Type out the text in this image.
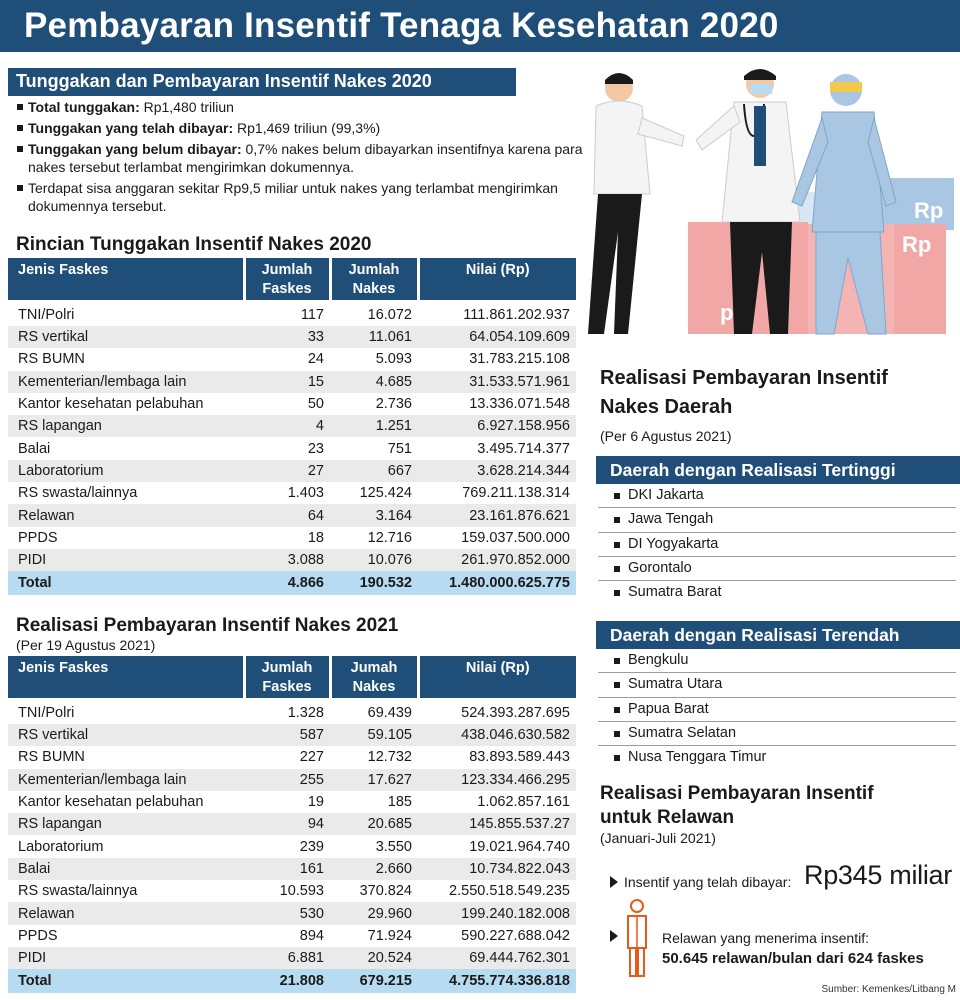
Pembayaran Insentif Tenaga Kesehatan 2020
Tunggakan dan Pembayaran Insentif Nakes 2020
Total tunggakan: Rp1,480 triliun
Tunggakan yang telah dibayar: Rp1,469 triliun (99,3%)
Tunggakan yang belum dibayar: 0,7% nakes belum dibayarkan insentifnya karena para nakes tersebut terlambat mengirimkan dokumennya.
Terdapat sisa anggaran sekitar Rp9,5 miliar untuk nakes yang terlambat mengirimkan dokumennya tersebut.
Rincian Tunggakan Insentif Nakes 2020
Jenis Faskes	Jumlah Faskes	Jumlah Nakes	Nilai (Rp)
TNI/Polri	117	16.072	111.861.202.937
RS vertikal	33	11.061	64.054.109.609
RS BUMN	24	5.093	31.783.215.108
Kementerian/lembaga lain	15	4.685	31.533.571.961
Kantor kesehatan pelabuhan	50	2.736	13.336.071.548
RS lapangan	4	1.251	6.927.158.956
Balai	23	751	3.495.714.377
Laboratorium	27	667	3.628.214.344
RS swasta/lainnya	1.403	125.424	769.211.138.314
Relawan	64	3.164	23.161.876.621
PPDS	18	12.716	159.037.500.000
PIDI	3.088	10.076	261.970.852.000
Total	4.866	190.532	1.480.000.625.775
Realisasi Pembayaran Insentif Nakes 2021
(Per 19 Agustus 2021)
Jenis Faskes	Jumlah Faskes	Jumah Nakes	Nilai (Rp)
TNI/Polri	1.328	69.439	524.393.287.695
RS vertikal	587	59.105	438.046.630.582
RS BUMN	227	12.732	83.893.589.443
Kementerian/lembaga lain	255	17.627	123.334.466.295
Kantor kesehatan pelabuhan	19	185	1.062.857.161
RS lapangan	94	20.685	145.855.537.27
Laboratorium	239	3.550	19.021.964.740
Balai	161	2.660	10.734.822.043
RS swasta/lainnya	10.593	370.824	2.550.518.549.235
Relawan	530	29.960	199.240.182.008
PPDS	894	71.924	590.227.688.042
PIDI	6.881	20.524	69.444.762.301
Total	21.808	679.215	4.755.774.336.818
Rp
Rp
p
Realisasi Pembayaran Insentif
Nakes Daerah
(Per 6 Agustus 2021)
Daerah dengan Realisasi Tertinggi
DKI Jakarta
Jawa Tengah
DI Yogyakarta
Gorontalo
Sumatra Barat
Daerah dengan Realisasi Terendah
Bengkulu
Sumatra Utara
Papua Barat
Sumatra Selatan
Nusa Tenggara Timur
Realisasi Pembayaran Insentif
untuk Relawan
(Januari-Juli 2021)
Insentif yang telah dibayar: Rp345 miliar
Relawan yang menerima insentif:
50.645 relawan/bulan dari 624 faskes
Sumber: Kemenkes/Litbang M
